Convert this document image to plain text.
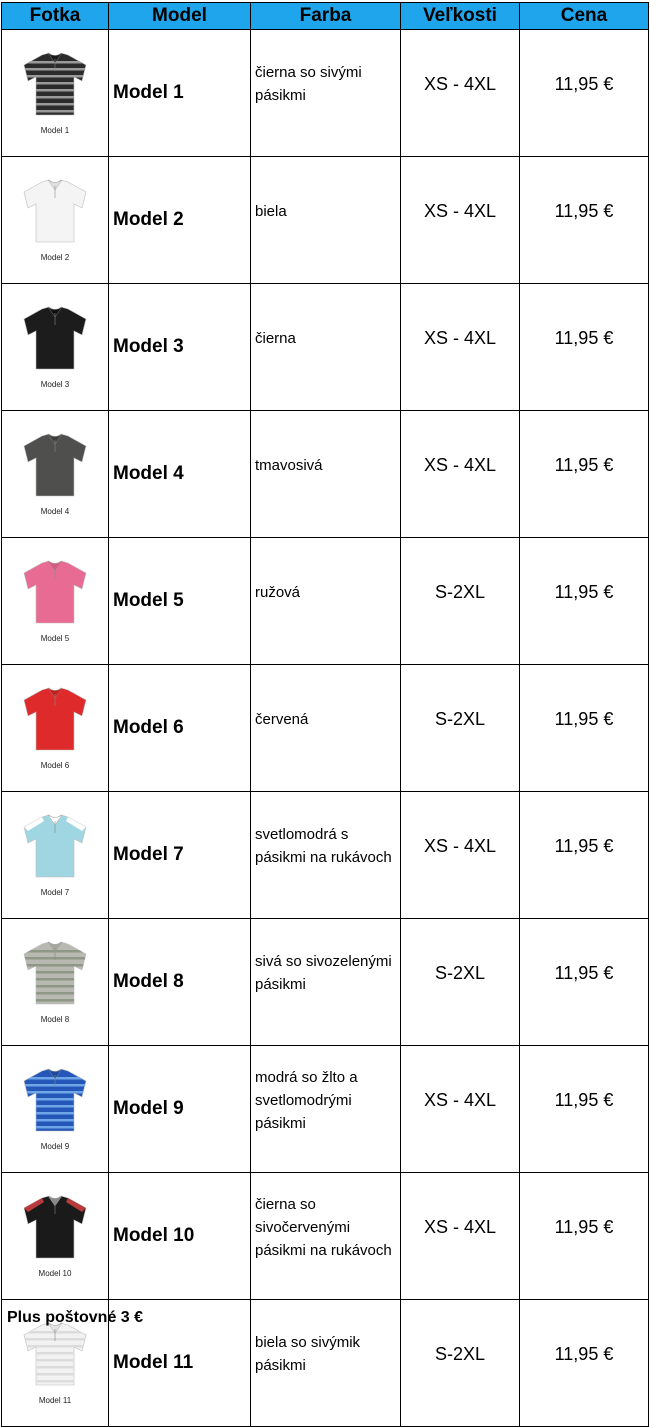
Fotka	Model	Farba	Veľkosti	Cena

Model 1	Model 1	čierna so sivými pásikmi	XS - 4XL	11,95 €

Model 2	Model 2	biela	XS - 4XL	11,95 €

Model 3	Model 3	čierna	XS - 4XL	11,95 €

Model 4	Model 4	tmavosivá	XS - 4XL	11,95 €

Model 5	Model 5	ružová	S-2XL	11,95 €

Model 6	Model 6	červená	S-2XL	11,95 €

Model 7	Model 7	svetlomodrá s pásikmi na rukávoch	XS - 4XL	11,95 €

Model 8	Model 8	sivá so sivozelenými pásikmi	S-2XL	11,95 €

Model 9	Model 9	modrá so žlto a svetlomodrými pásikmi	XS - 4XL	11,95 €

Model 10	Model 10	čierna so sivočervenými pásikmi na rukávoch	XS - 4XL	11,95 €

Model 11	Model 11	biela so sivýmik pásikmi	S-2XL	11,95 €
Plus poštovné 3 €
